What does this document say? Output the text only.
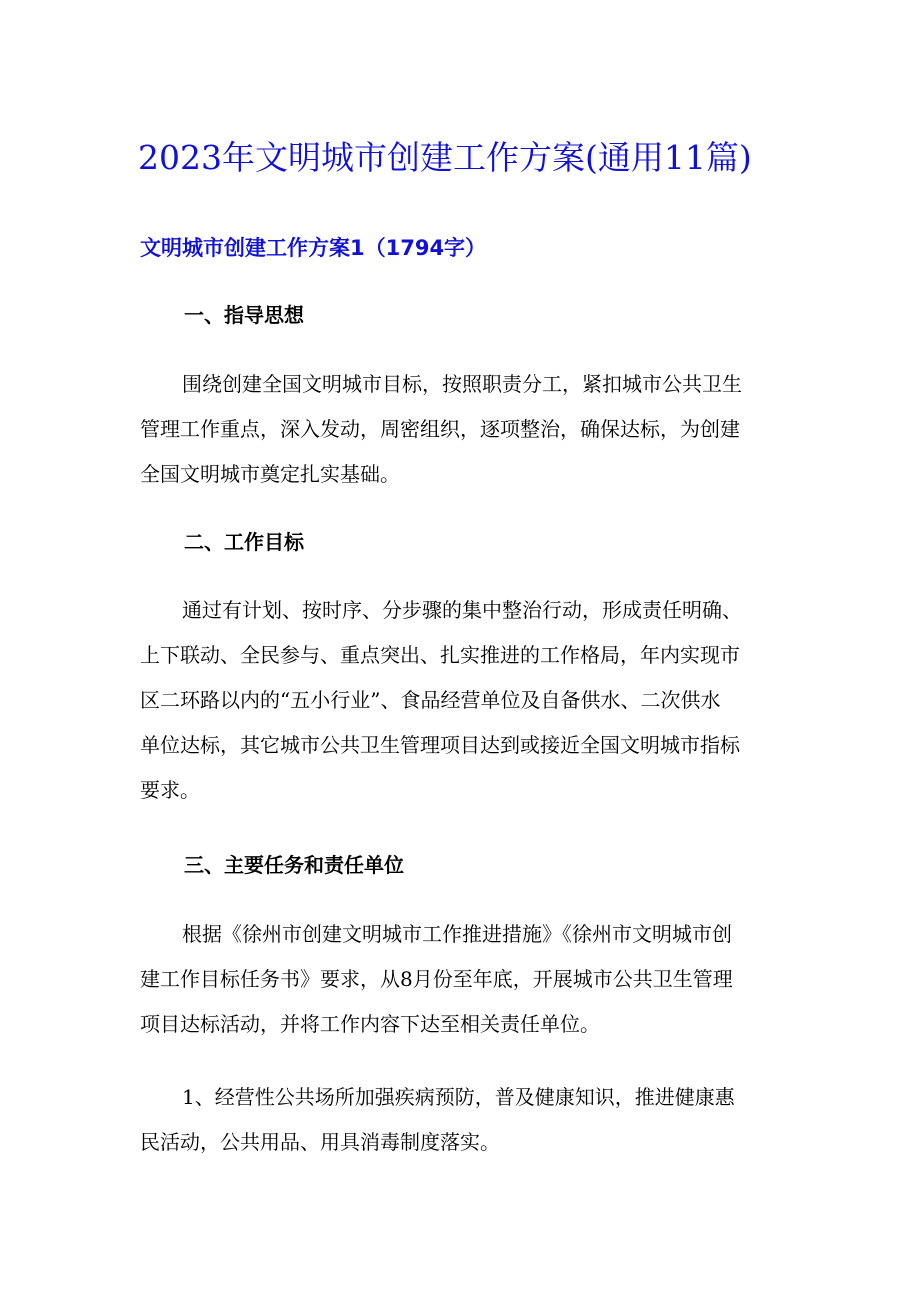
2023年文明城市创建工作方案(通用11篇)
文明城市创建工作方案1（1794字）
一、指导思想
围绕创建全国文明城市目标，按照职责分工，紧扣城市公共卫生
管理工作重点，深入发动，周密组织，逐项整治，确保达标，为创建
全国文明城市奠定扎实基础。
二、工作目标
通过有计划、按时序、分步骤的集中整治行动，形成责任明确、
上下联动、全民参与、重点突出、扎实推进的工作格局，年内实现市
区二环路以内的“五小行业”、食品经营单位及自备供水、二次供水
单位达标，其它城市公共卫生管理项目达到或接近全国文明城市指标
要求。
三、主要任务和责任单位
根据《徐州市创建文明城市工作推进措施》《徐州市文明城市创
建工作目标任务书》要求，从8月份至年底，开展城市公共卫生管理
项目达标活动，并将工作内容下达至相关责任单位。
1、经营性公共场所加强疾病预防，普及健康知识，推进健康惠
民活动，公共用品、用具消毒制度落实。
